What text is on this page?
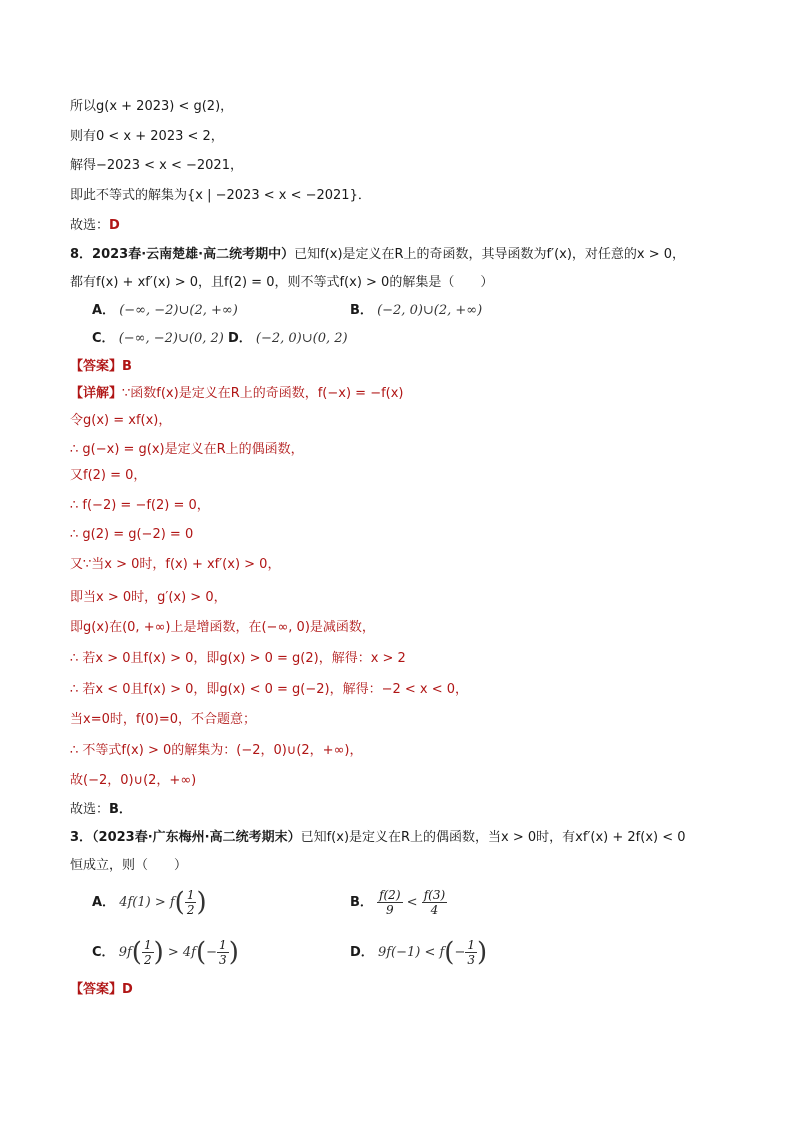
所以g(x + 2023) < g(2)，
则有0 < x + 2023 < 2，
解得−2023 < x < −2021，
即此不等式的解集为{x | −2023 < x < −2021}．
故选：D
8．2023春·云南楚雄·高二统考期中）已知f(x)是定义在R上的奇函数，其导函数为f′(x)，对任意的x > 0，
都有f(x) + xf′(x) > 0，且f(2) = 0，则不等式f(x) > 0的解集是（　　）
A． (−∞, −2)∪(2, +∞)	B． (−2, 0)∪(2, +∞)
C． (−∞, −2)∪(0, 2) D． (−2, 0)∪(0, 2)
【答案】B
【详解】∵函数f(x)是定义在R上的奇函数，f(−x) = −f(x)
令g(x) = xf(x)，
∴ g(−x) = g(x)是定义在R上的偶函数，
又f(2) = 0，
∴ f(−2) = −f(2) = 0，
∴ g(2) = g(−2) = 0
又∵当x > 0时，f(x) + xf′(x) > 0，
即当x > 0时，g′(x) > 0，
即g(x)在(0, +∞)上是增函数，在(−∞, 0)是减函数，
∴ 若x > 0且f(x) > 0，即g(x) > 0 = g(2)，解得：x > 2
∴ 若x < 0且f(x) > 0，即g(x) < 0 = g(−2)，解得：−2 < x < 0，
当x=0时，f(0)=0，不合题意；
∴ 不等式f(x) > 0的解集为：(−2，0)∪(2，+∞)，
故(−2，0)∪(2，+∞)
故选：B．
3．（2023春·广东梅州·高二统考期末）已知f(x)是定义在R上的偶函数，当x > 0时，有xf′(x) + 2f(x) < 0
恒成立，则（　　）
A． $4f(1) > f( \frac{1}{2}$ )	B． $\frac{f(2)}{9} < \frac{f(3)}{4}$
C． $9f( \frac{1}{2}$ ) > $4f(- \frac{1}{3}$ )	D． $9f(-1) < f(- \frac{1}{3}$ )
【答案】D
